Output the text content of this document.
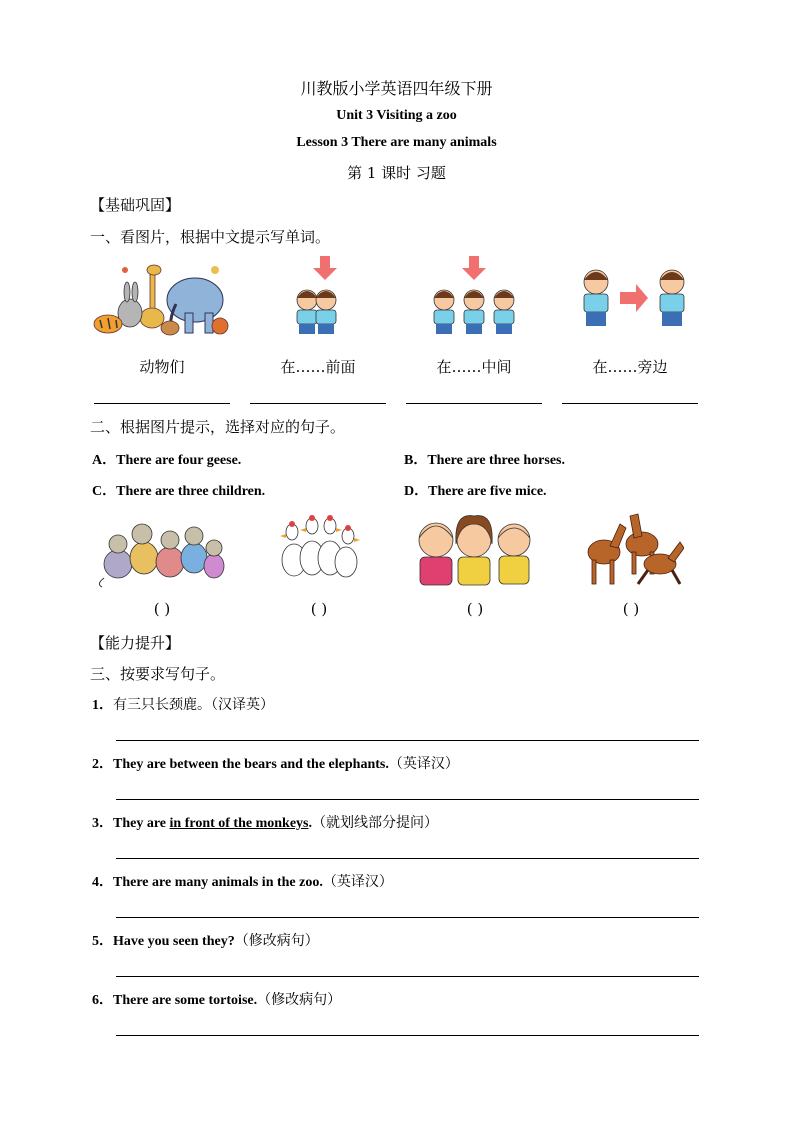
川教版小学英语四年级下册
Unit 3 Visiting a zoo
Lesson 3 There are many animals
第 1 课时 习题
【基础巩固】
一、看图片，根据中文提示写单词。
动物们	在……前面	在……中间	在……旁边
二、根据图片提示，选择对应的句子。
A．There are four geese.	B．There are three horses.
C．There are three children.	D．There are five mice.
( )	( )	( )	( )
【能力提升】
三、按要求写句子。
1．有三只长颈鹿。（汉译英）
2．They are between the bears and the elephants.（英译汉）
3．They are in front of the monkeys.（就划线部分提问）
4．There are many animals in the zoo.（英译汉）
5．Have you seen they?（修改病句）
6．There are some tortoise.（修改病句）
